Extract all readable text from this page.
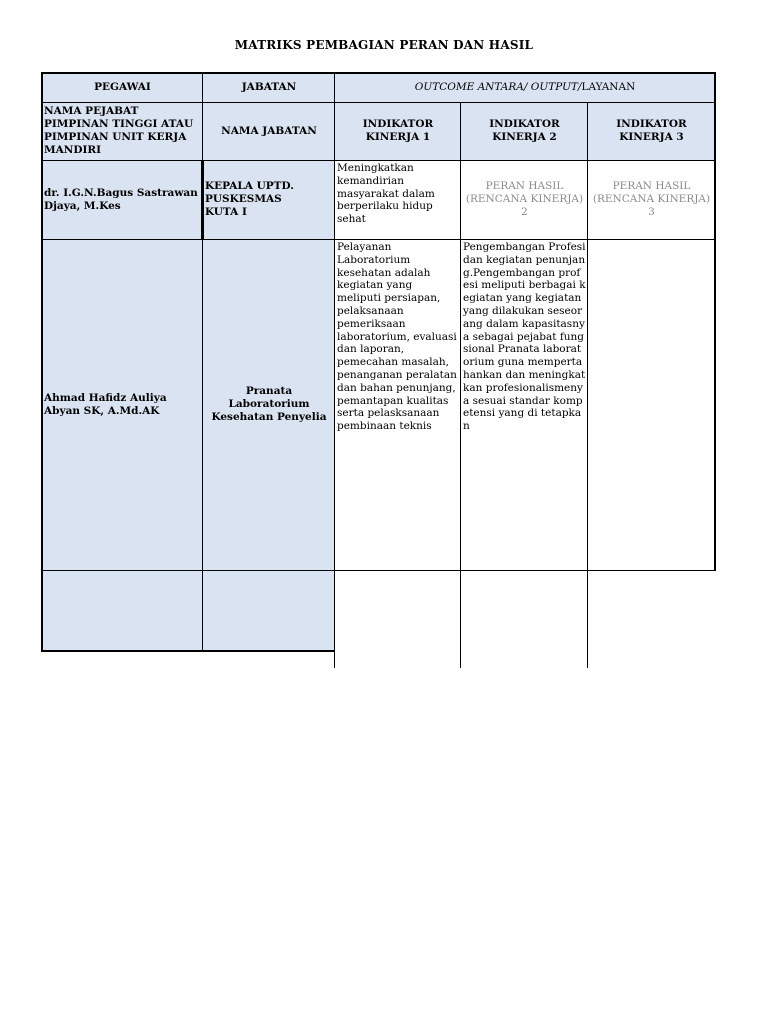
MATRIKS PEMBAGIAN PERAN DAN HASIL
PEGAWAI	JABATAN	OUTCOME ANTARA/ OUTPUT/ LAYANAN
NAMA PEJABAT PIMPINAN TINGGI ATAU PIMPINAN UNIT KERJA MANDIRI
NAMA JABATAN
INDIKATOR
KINERJA 1
INDIKATOR
KINERJA 2
INDIKATOR
KINERJA 3
dr. I.G.N.Bagus Sastrawan Djaya, M.Kes
KEPALA UPTD. PUSKESMAS
KUTA I
Meningkatkan kemandirian masyarakat dalam berperilaku hidup sehat
PERAN HASIL
(RENCANA KINERJA)
2
PERAN HASIL
(RENCANA KINERJA)
3
Ahmad Hafidz Auliya Abyan SK, A.Md.AK
Pranata Laboratorium Kesehatan Penyelia
Pelayanan Laboratorium kesehatan adalah kegiatan yang meliputi persiapan, pelaksanaan pemeriksaan laboratorium, evaluasi dan laporan, pemecahan masalah, penanganan peralatan dan bahan penunjang, pemantapan kualitas serta pelasksanaan pembinaan teknis
Pengembangan Profesi dan kegiatan penunjang.Pengembangan profesi meliputi berbagai kegiatan yang kegiatan yang dilakukan seseorang dalam kapasitasnya sebagai pejabat fungsional Pranata laboratorium guna mempertahankan dan meningkatkan profesionalismenya sesuai standar kompetensi yang di tetapkan
